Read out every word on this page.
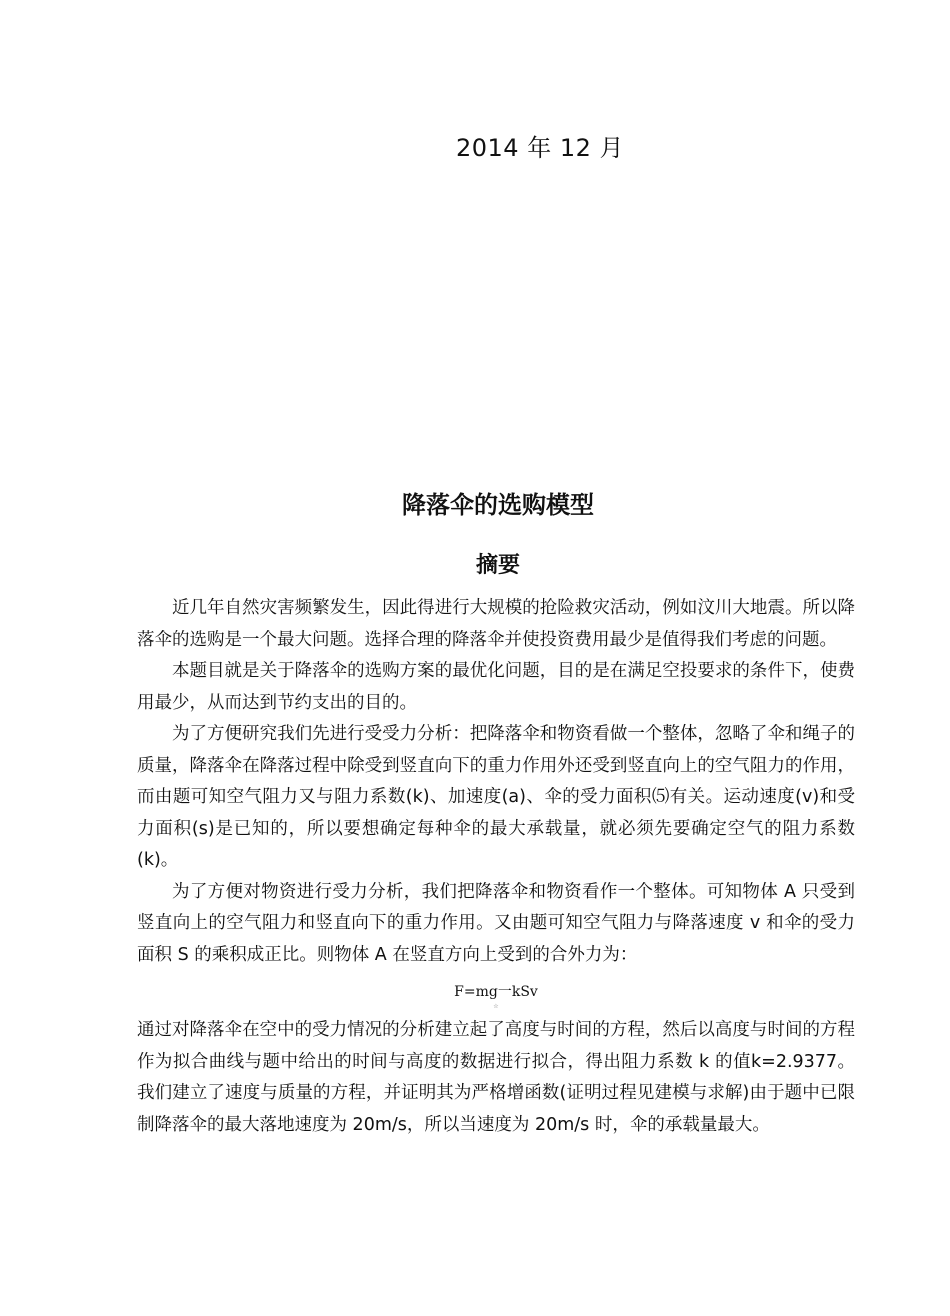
2014 年 12 月
降落伞的选购模型
摘要

近几年自然灾害频繁发生，因此得进行大规模的抢险救灾活动，例如汶川大地震。所以降落伞的选购是一个最大问题。选择合理的降落伞并使投资费用最少是值得我们考虑的问题。

本题目就是关于降落伞的选购方案的最优化问题，目的是在满足空投要求的条件下，使费用最少，从而达到节约支出的目的。

为了方便研究我们先进行受受力分析：把降落伞和物资看做一个整体，忽略了伞和绳子的质量，降落伞在降落过程中除受到竖直向下的重力作用外还受到竖直向上的空气阻力的作用，而由题可知空气阻力又与阻力系数(k)、加速度(a)、伞的受力面积⑸有关。运动速度(v)和受力面积(s)是已知的，所以要想确定每种伞的最大承载量，就必须先要确定空气的阻力系数(k)。

为了方便对物资进行受力分析，我们把降落伞和物资看作一个整体。可知物体 A 只受到竖直向上的空气阻力和竖直向下的重力作用。又由题可知空气阻力与降落速度 v 和伞的受力面积 S 的乘积成正比。则物体 A 在竖直方向上受到的合外力为：

F=mg一kSv
☆

通过对降落伞在空中的受力情况的分析建立起了高度与时间的方程，然后以高度与时间的方程作为拟合曲线与题中给出的时间与高度的数据进行拟合，得出阻力系数 k 的值k=2.9377。我们建立了速度与质量的方程，并证明其为严格增函数(证明过程见建模与求解)由于题中已限制降落伞的最大落地速度为 20m/s，所以当速度为 20m/s 时，伞的承载量最大。
